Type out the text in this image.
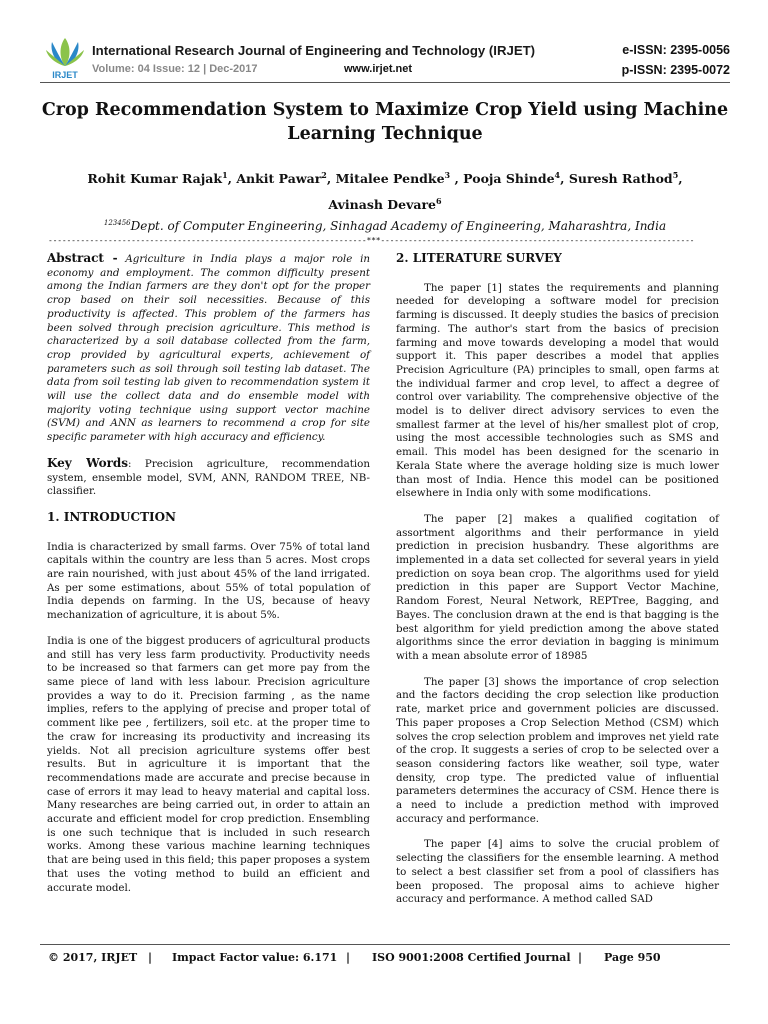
IRJET
International Research Journal of Engineering and Technology (IRJET)	e-ISSN: 2395-0056
Volume: 04 Issue: 12 | Dec-2017	www.irjet.net	p-ISSN: 2395-0072
Crop Recommendation System to Maximize Crop Yield using Machine
Learning Technique
Rohit Kumar Rajak$^1$, Ankit Pawar$^2$, Mitalee Pendke$^3$ , Pooja Shinde$^4$, Suresh Rathod$^5$,
Avinash Devare$^6$
$^{123456}$Dept. of Computer Engineering, Sinhagad Academy of Engineering, Maharashtra, India
---------------------------------------------------------------------***--------------------------------------------------------------------

Abstract - Agriculture in India plays a major role in economy and employment. The common difficulty present among the Indian farmers are they don't opt for the proper crop based on their soil necessities. Because of this productivity is affected. This problem of the farmers has been solved through precision agriculture. This method is characterized by a soil database collected from the farm, crop provided by agricultural experts, achievement of parameters such as soil through soil testing lab dataset. The data from soil testing lab given to recommendation system it will use the collect data and do ensemble model with majority voting technique using support vector machine (SVM) and ANN as learners to recommend a crop for site specific parameter with high accuracy and efficiency.

Key Words: Precision agriculture, recommendation system, ensemble model, SVM, ANN, RANDOM TREE, NB-classifier.

1. INTRODUCTION

India is characterized by small farms. Over 75% of total land capitals within the country are less than 5 acres. Most crops are rain nourished, with just about 45% of the land irrigated. As per some estimations, about 55% of total population of India depends on farming. In the US, because of heavy mechanization of agriculture, it is about 5%.

India is one of the biggest producers of agricultural products and still has very less farm productivity. Productivity needs to be increased so that farmers can get more pay from the same piece of land with less labour. Precision agriculture provides a way to do it. Precision farming , as the name implies, refers to the applying of precise and proper total of comment like pee , fertilizers, soil etc. at the proper time to the craw for increasing its productivity and increasing its yields. Not all precision agriculture systems offer best results. But in agriculture it is important that the recommendations made are accurate and precise because in case of errors it may lead to heavy material and capital loss. Many researches are being carried out, in order to attain an accurate and efficient model for crop prediction. Ensembling is one such technique that is included in such research works. Among these various machine learning techniques that are being used in this field; this paper proposes a system that uses the voting method to build an efficient and accurate model.

2. LITERATURE SURVEY

The paper [1] states the requirements and planning needed for developing a software model for precision farming is discussed. It deeply studies the basics of precision farming. The author's start from the basics of precision farming and move towards developing a model that would support it. This paper describes a model that applies Precision Agriculture (PA) principles to small, open farms at the individual farmer and crop level, to affect a degree of control over variability. The comprehensive objective of the model is to deliver direct advisory services to even the smallest farmer at the level of his/her smallest plot of crop, using the most accessible technologies such as SMS and email. This model has been designed for the scenario in Kerala State where the average holding size is much lower than most of India. Hence this model can be positioned elsewhere in India only with some modifications.

The paper [2] makes a qualified cogitation of assortment algorithms and their performance in yield prediction in precision husbandry. These algorithms are implemented in a data set collected for several years in yield prediction on soya bean crop. The algorithms used for yield prediction in this paper are Support Vector Machine, Random Forest, Neural Network, REPTree, Bagging, and Bayes. The conclusion drawn at the end is that bagging is the best algorithm for yield prediction among the above stated algorithms since the error deviation in bagging is minimum with a mean absolute error of 18985

The paper [3] shows the importance of crop selection and the factors deciding the crop selection like production rate, market price and government policies are discussed. This paper proposes a Crop Selection Method (CSM) which solves the crop selection problem and improves net yield rate of the crop. It suggests a series of crop to be selected over a season considering factors like weather, soil type, water density, crop type. The predicted value of influential parameters determines the accuracy of CSM. Hence there is a need to include a prediction method with improved accuracy and performance.

The paper [4] aims to solve the crucial problem of selecting the classifiers for the ensemble learning. A method to select a best classifier set from a pool of classifiers has been proposed. The proposal aims to achieve higher accuracy and performance. A method called SAD

© 2017, IRJET | Impact Factor value: 6.171 | ISO 9001:2008 Certified Journal | Page 950
